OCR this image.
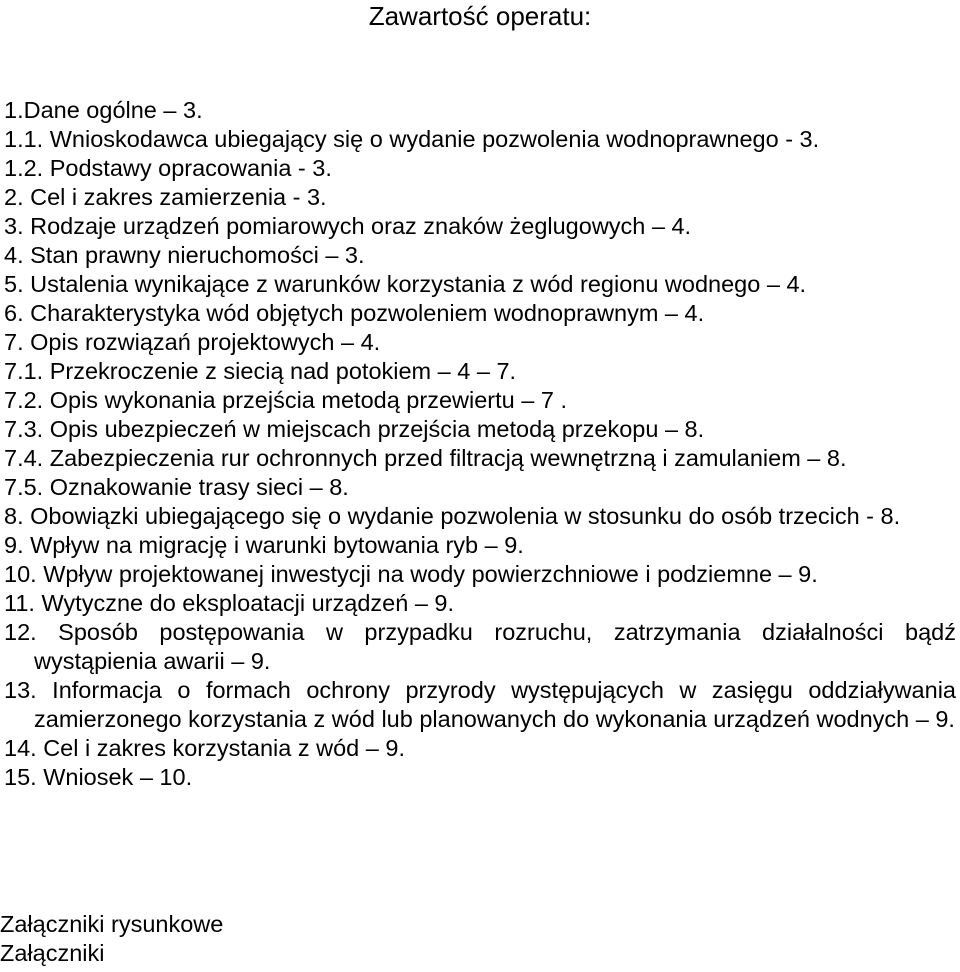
Zawartość operatu:
1.Dane ogólne – 3.
1.1. Wnioskodawca ubiegający się o wydanie pozwolenia wodnoprawnego - 3.
1.2. Podstawy opracowania - 3.
2. Cel i zakres zamierzenia - 3.
3. Rodzaje urządzeń pomiarowych oraz znaków żeglugowych – 4.
4. Stan prawny nieruchomości – 3.
5. Ustalenia wynikające z warunków korzystania z wód regionu wodnego – 4.
6. Charakterystyka wód objętych pozwoleniem wodnoprawnym – 4.
7. Opis rozwiązań projektowych – 4.
7.1. Przekroczenie z siecią nad potokiem – 4 – 7.
7.2. Opis wykonania przejścia metodą przewiertu – 7 .
7.3. Opis ubezpieczeń w miejscach przejścia metodą przekopu – 8.
7.4. Zabezpieczenia rur ochronnych przed filtracją wewnętrzną i zamulaniem – 8.
7.5. Oznakowanie trasy sieci – 8.
8. Obowiązki ubiegającego się o wydanie pozwolenia w stosunku do osób trzecich - 8.
9. Wpływ na migrację i warunki bytowania ryb – 9.
10. Wpływ projektowanej inwestycji na wody powierzchniowe i podziemne – 9.
11. Wytyczne do eksploatacji urządzeń – 9.
12. Sposób postępowania w przypadku rozruchu, zatrzymania działalności bądź wystąpienia awarii – 9.
13. Informacja o formach ochrony przyrody występujących w zasięgu oddziaływania zamierzonego korzystania z wód lub planowanych do wykonania urządzeń wodnych – 9.
14. Cel i zakres korzystania z wód – 9.
15. Wniosek – 10.
Załączniki rysunkowe
Załączniki
